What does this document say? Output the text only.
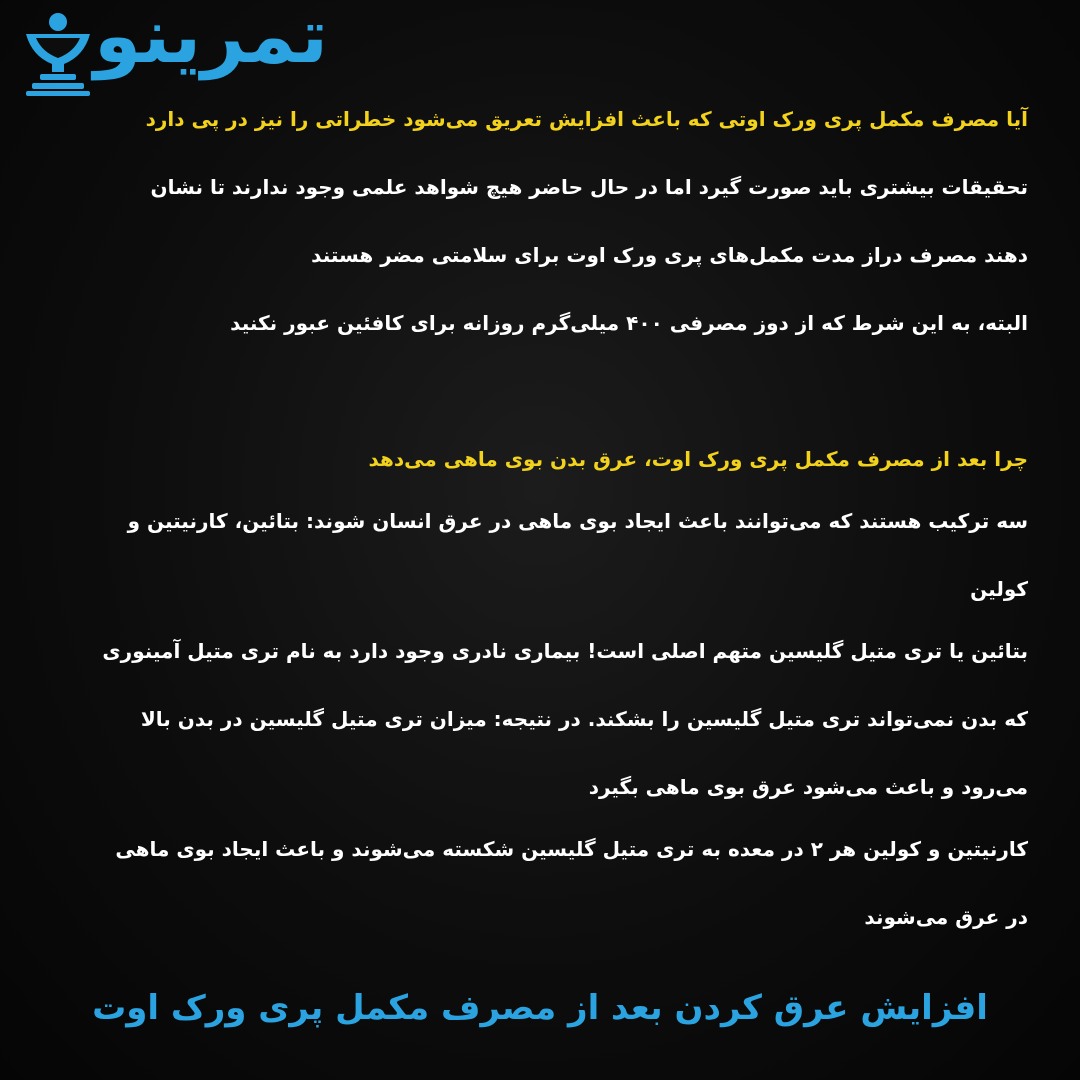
تمرینو
آیا مصرف مکمل پری ورک اوتی که باعث افزایش تعریق می‌شود خطراتی را نیز در پی دارد
تحقیقات بیشتری باید صورت گیرد اما در حال حاضر هیچ شواهد علمی وجود ندارند تا نشان
دهند مصرف دراز مدت مکمل‌های پری ورک اوت برای سلامتی مضر هستند
البته، به این شرط که از دوز مصرفی ۴۰۰ میلی‌گرم روزانه برای کافئین عبور نکنید
چرا بعد از مصرف مکمل پری ورک اوت، عرق بدن بوی ماهی می‌دهد
سه ترکیب هستند که می‌توانند باعث ایجاد بوی ماهی در عرق انسان شوند: بتائین، کارنیتین و
کولین
بتائین یا تری متیل گلیسین متهم اصلی است! بیماری نادری وجود دارد به نام تری متیل آمینوری
که بدن نمی‌تواند تری متیل گلیسین را بشکند. در نتیجه: میزان تری متیل گلیسین در بدن بالا
می‌رود و باعث می‌شود عرق بوی ماهی بگیرد
کارنیتین و کولین هر ۲ در معده به تری متیل گلیسین شکسته می‌شوند و باعث ایجاد بوی ماهی
در عرق می‌شوند
افزایش عرق کردن بعد از مصرف مکمل پری ورک اوت
